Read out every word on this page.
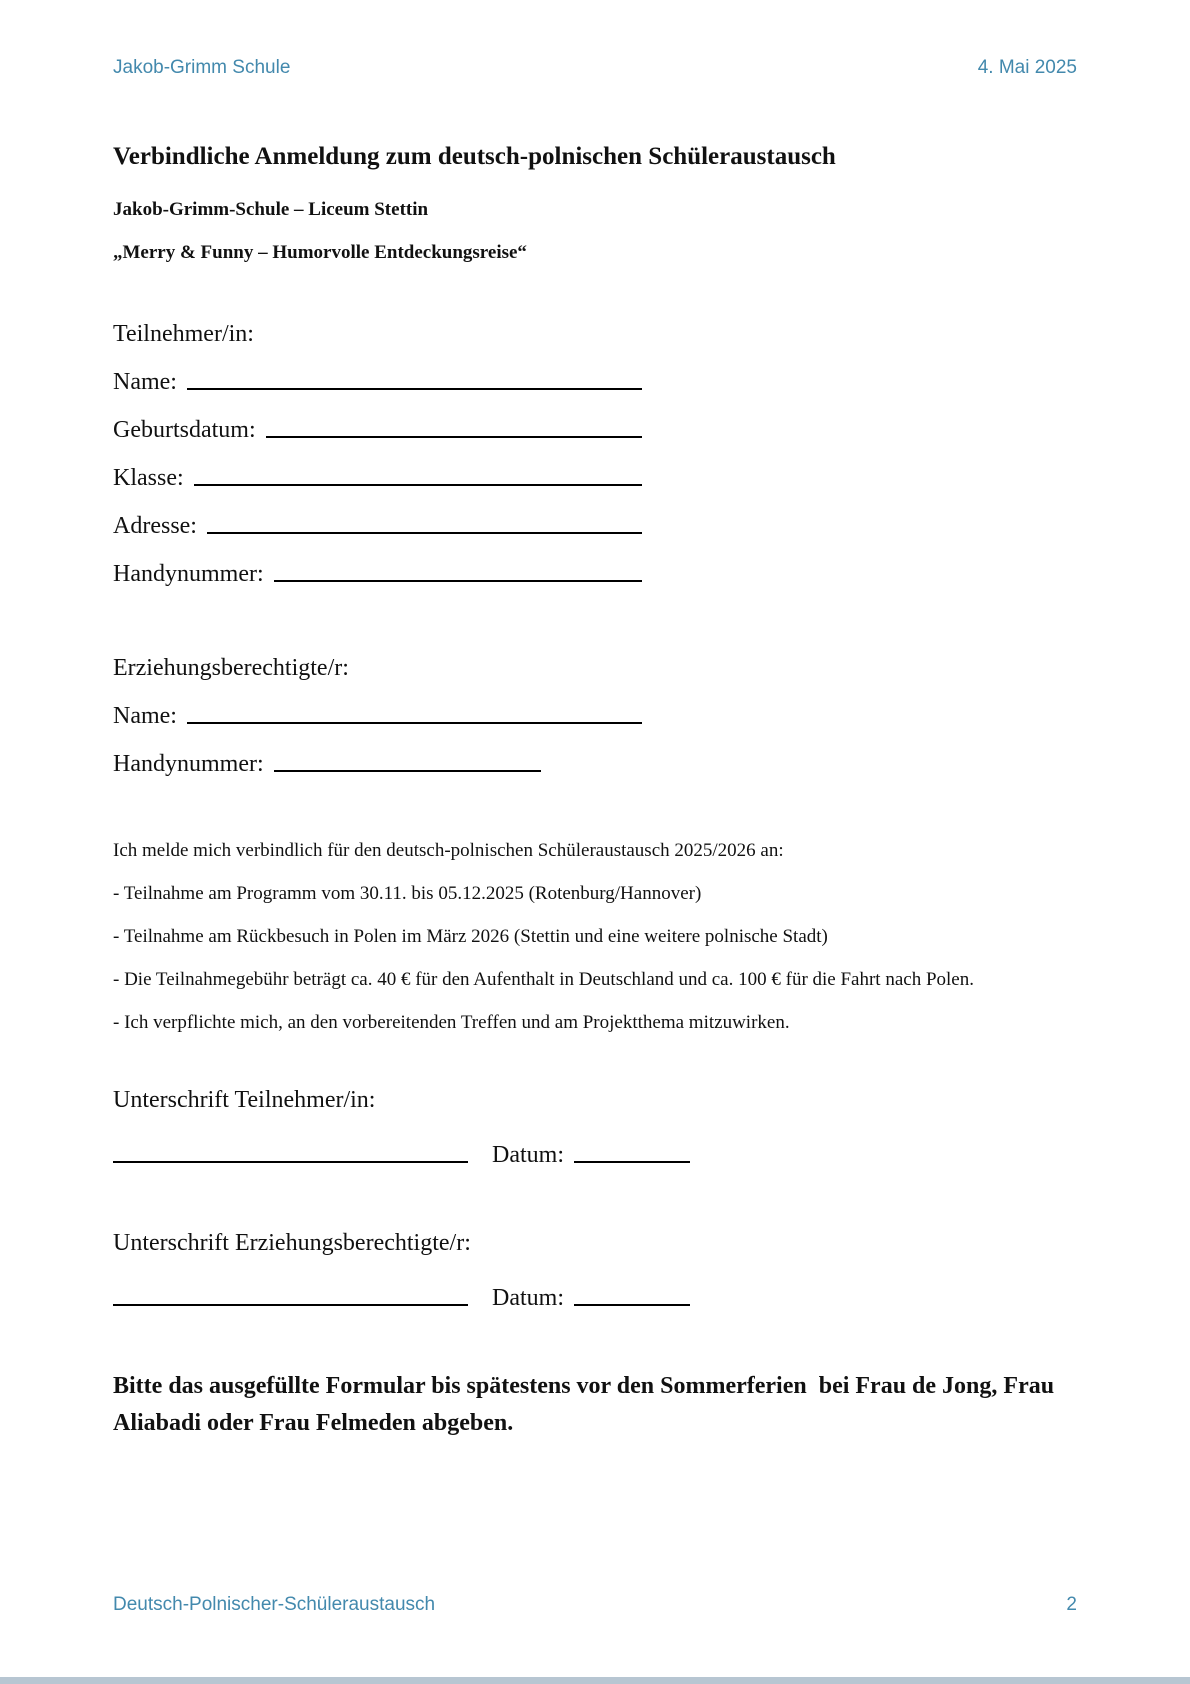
Jakob-Grimm Schule	4. Mai 2025
Verbindliche Anmeldung zum deutsch-polnischen Schüleraustausch

Jakob-Grimm-Schule – Liceum Stettin

„Merry & Funny – Humorvolle Entdeckungsreise“

Teilnehmer/in:

Name:
Geburtsdatum:
Klasse:
Adresse:
Handynummer:

Erziehungsberechtigte/r:

Name:
Handynummer:

Ich melde mich verbindlich für den deutsch-polnischen Schüleraustausch 2025/2026 an:

- Teilnahme am Programm vom 30.11. bis 05.12.2025 (Rotenburg/Hannover)

- Teilnahme am Rückbesuch in Polen im März 2026 (Stettin und eine weitere polnische Stadt)

- Die Teilnahmegebühr beträgt ca. 40 € für den Aufenthalt in Deutschland und ca. 100 € für die Fahrt nach Polen.

- Ich verpflichte mich, an den vorbereitenden Treffen und am Projektthema mitzuwirken.

Unterschrift Teilnehmer/in:

Datum:

Unterschrift Erziehungsberechtigte/r:

Datum:

Bitte das ausgefüllte Formular bis spätestens vor den Sommerferien  bei Frau de Jong, Frau Aliabadi oder Frau Felmeden abgeben.

Deutsch-Polnischer-Schüleraustausch	2
